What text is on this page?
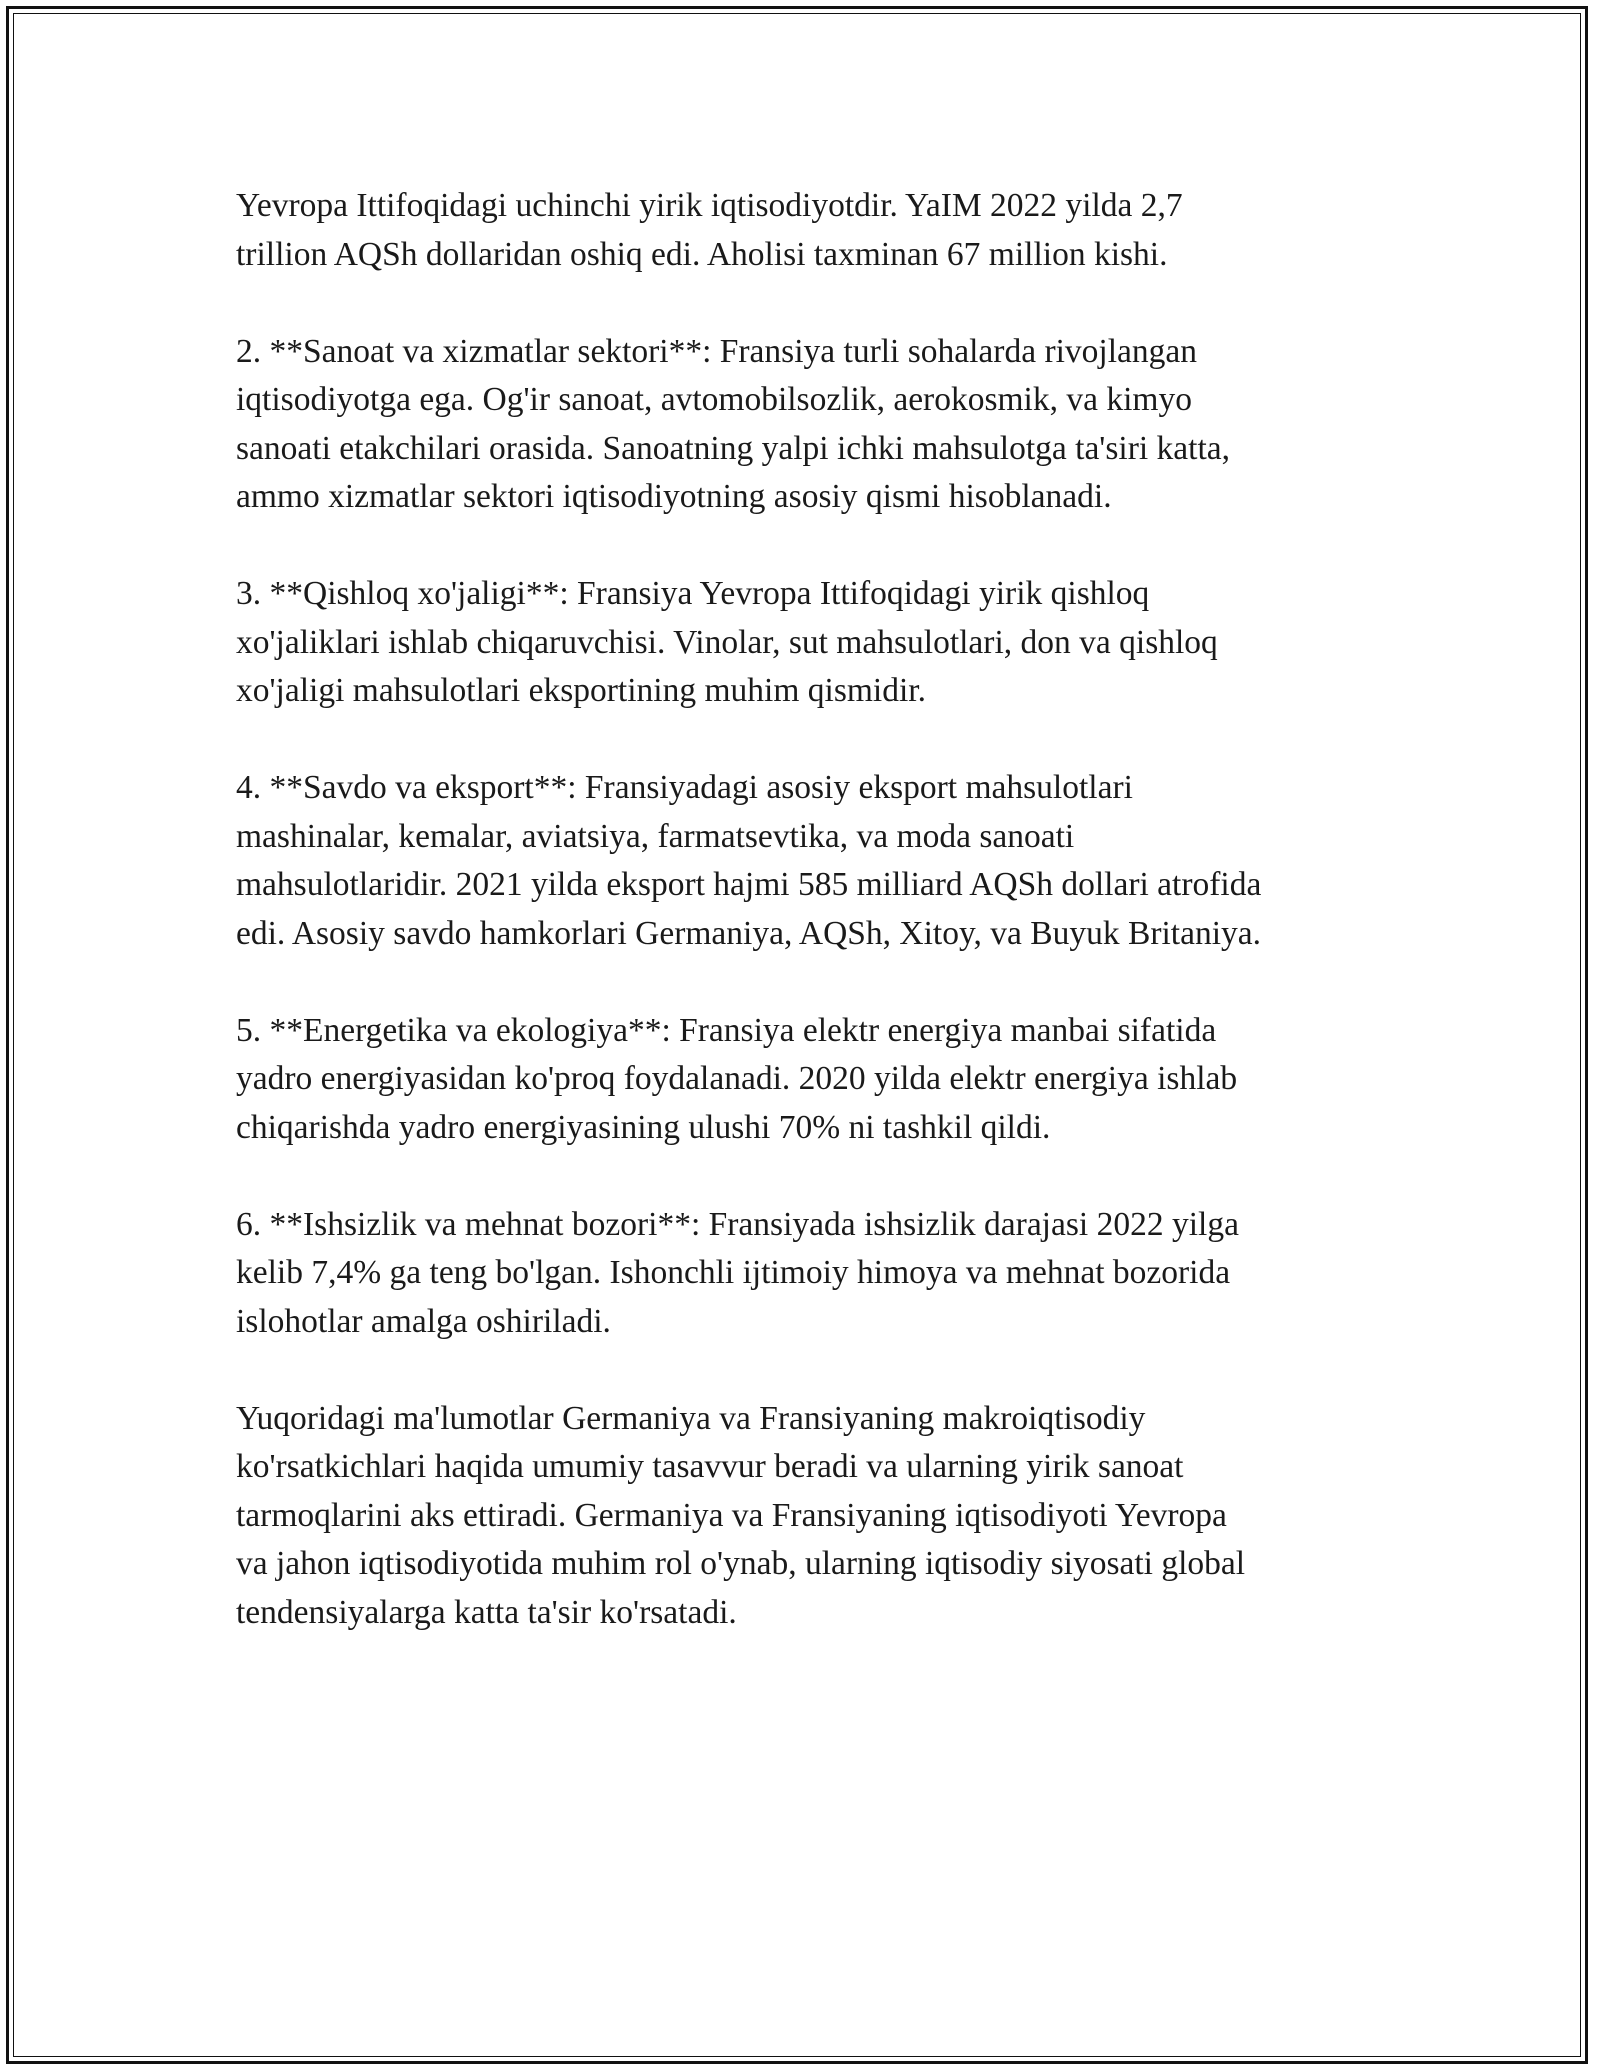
Yevropa Ittifoqidagi uchinchi yirik iqtisodiyotdir. YaIM 2022 yilda 2,7
trillion AQSh dollaridan oshiq edi. Aholisi taxminan 67 million kishi.

2. **Sanoat va xizmatlar sektori**: Fransiya turli sohalarda rivojlangan
iqtisodiyotga ega. Og'ir sanoat, avtomobilsozlik, aerokosmik, va kimyo
sanoati etakchilari orasida. Sanoatning yalpi ichki mahsulotga ta'siri katta,
ammo xizmatlar sektori iqtisodiyotning asosiy qismi hisoblanadi.

3. **Qishloq xo'jaligi**: Fransiya Yevropa Ittifoqidagi yirik qishloq
xo'jaliklari ishlab chiqaruvchisi. Vinolar, sut mahsulotlari, don va qishloq
xo'jaligi mahsulotlari eksportining muhim qismidir.

4. **Savdo va eksport**: Fransiyadagi asosiy eksport mahsulotlari
mashinalar, kemalar, aviatsiya, farmatsevtika, va moda sanoati
mahsulotlaridir. 2021 yilda eksport hajmi 585 milliard AQSh dollari atrofida
edi. Asosiy savdo hamkorlari Germaniya, AQSh, Xitoy, va Buyuk Britaniya.

5. **Energetika va ekologiya**: Fransiya elektr energiya manbai sifatida
yadro energiyasidan ko'proq foydalanadi. 2020 yilda elektr energiya ishlab
chiqarishda yadro energiyasining ulushi 70% ni tashkil qildi.

6. **Ishsizlik va mehnat bozori**: Fransiyada ishsizlik darajasi 2022 yilga
kelib 7,4% ga teng bo'lgan. Ishonchli ijtimoiy himoya va mehnat bozorida
islohotlar amalga oshiriladi.

Yuqoridagi ma'lumotlar Germaniya va Fransiyaning makroiqtisodiy
ko'rsatkichlari haqida umumiy tasavvur beradi va ularning yirik sanoat
tarmoqlarini aks ettiradi. Germaniya va Fransiyaning iqtisodiyoti Yevropa
va jahon iqtisodiyotida muhim rol o'ynab, ularning iqtisodiy siyosati global
tendensiyalarga katta ta'sir ko'rsatadi.
